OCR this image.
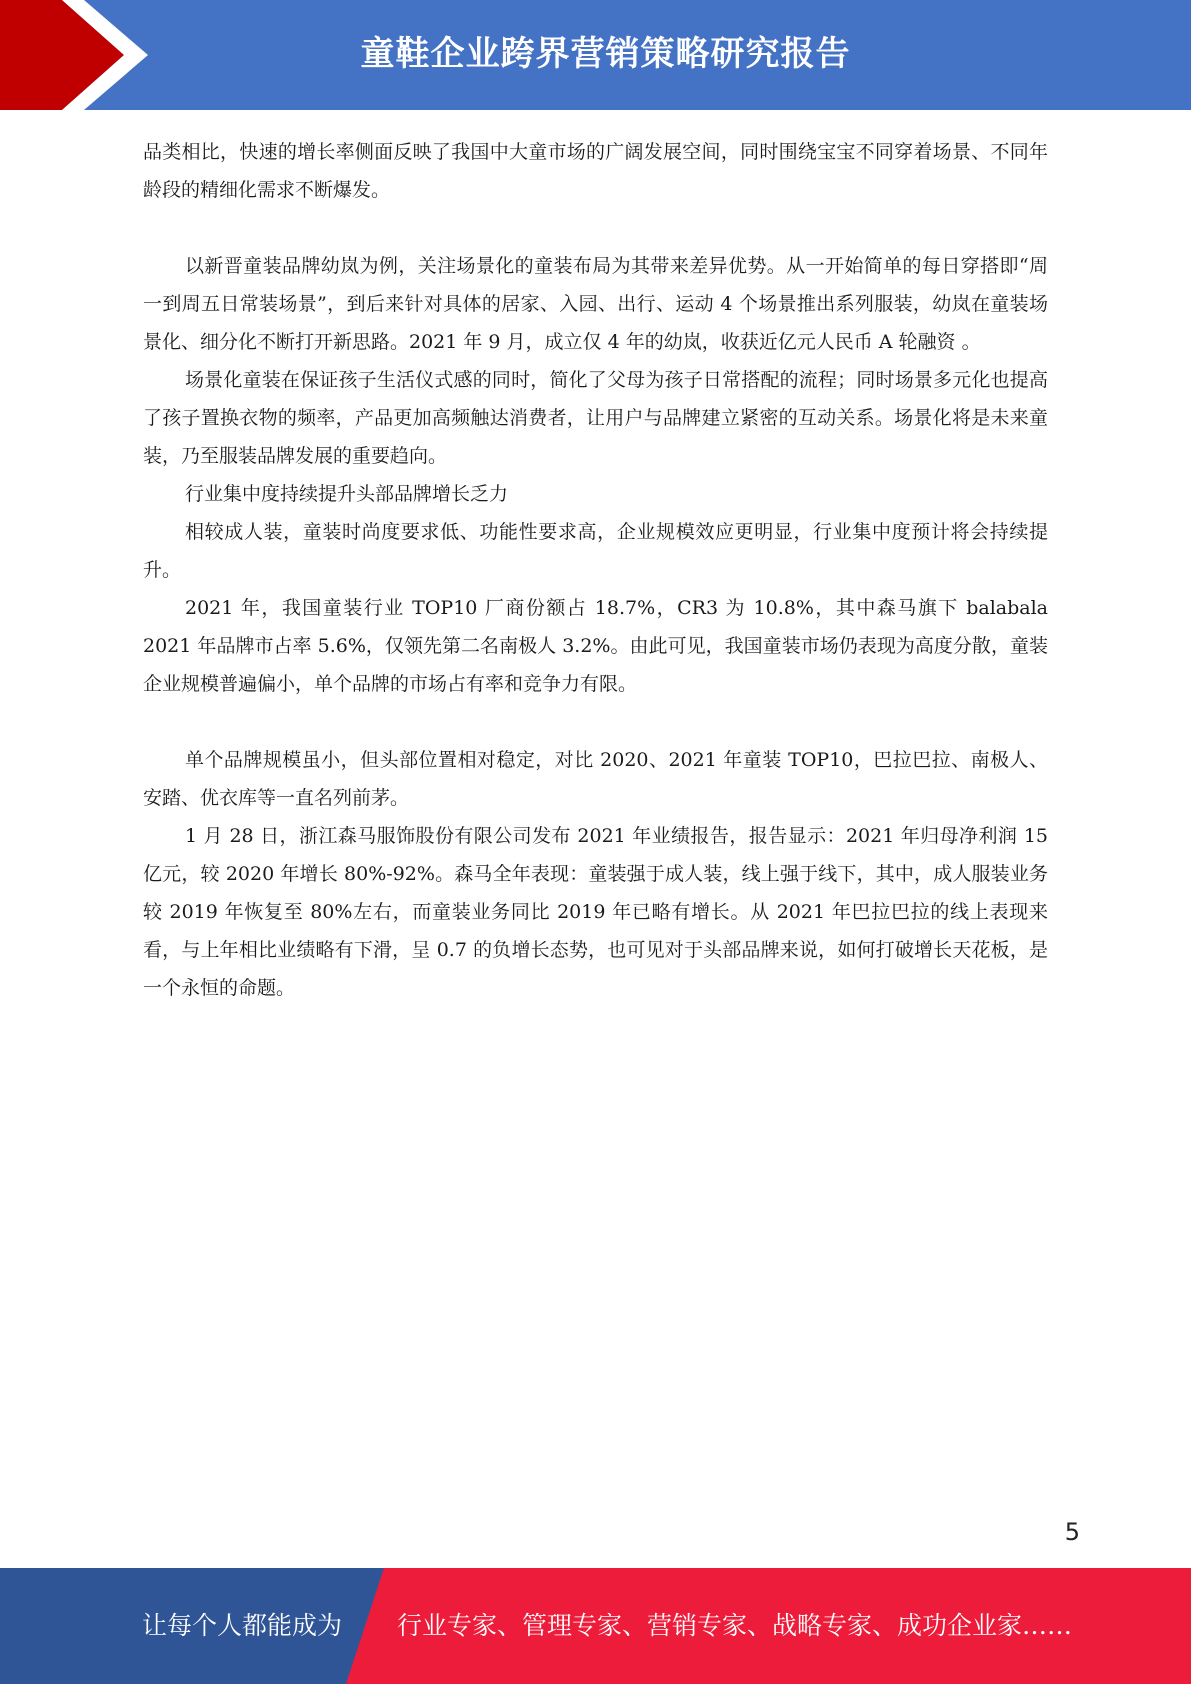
童鞋企业跨界营销策略研究报告

品类相比，快速的增长率侧面反映了我国中大童市场的广阔发展空间，同时围绕宝宝不同穿着场景、不同年龄段的精细化需求不断爆发。

以新晋童装品牌幼岚为例，关注场景化的童装布局为其带来差异优势。从一开始简单的每日穿搭即“周一到周五日常装场景”，到后来针对具体的居家、入园、出行、运动 4 个场景推出系列服装，幼岚在童装场景化、细分化不断打开新思路。2021 年 9 月，成立仅 4 年的幼岚，收获近亿元人民币 A 轮融资 。

场景化童装在保证孩子生活仪式感的同时，简化了父母为孩子日常搭配的流程；同时场景多元化也提高了孩子置换衣物的频率，产品更加高频触达消费者，让用户与品牌建立紧密的互动关系。场景化将是未来童装，乃至服装品牌发展的重要趋向。

行业集中度持续提升头部品牌增长乏力

相较成人装，童装时尚度要求低、功能性要求高，企业规模效应更明显，行业集中度预计将会持续提升。

2021 年，我国童装行业 TOP10 厂商份额占 18.7%，CR3 为 10.8%，其中森马旗下 balabala 2021 年品牌市占率 5.6%，仅领先第二名南极人 3.2%。由此可见，我国童装市场仍表现为高度分散，童装企业规模普遍偏小，单个品牌的市场占有率和竞争力有限。

单个品牌规模虽小，但头部位置相对稳定，对比 2020、2021 年童装 TOP10，巴拉巴拉、南极人、安踏、优衣库等一直名列前茅。

1 月 28 日，浙江森马服饰股份有限公司发布 2021 年业绩报告，报告显示：2021 年归母净利润 15 亿元，较 2020 年增长 80%-92%。森马全年表现：童装强于成人装，线上强于线下，其中，成人服装业务较 2019 年恢复至 80%左右，而童装业务同比 2019 年已略有增长。从 2021 年巴拉巴拉的线上表现来看，与上年相比业绩略有下滑，呈 0.7 的负增长态势，也可见对于头部品牌来说，如何打破增长天花板，是一个永恒的命题。

5
让每个人都能成为 行业专家、管理专家、营销专家、战略专家、成功企业家……
